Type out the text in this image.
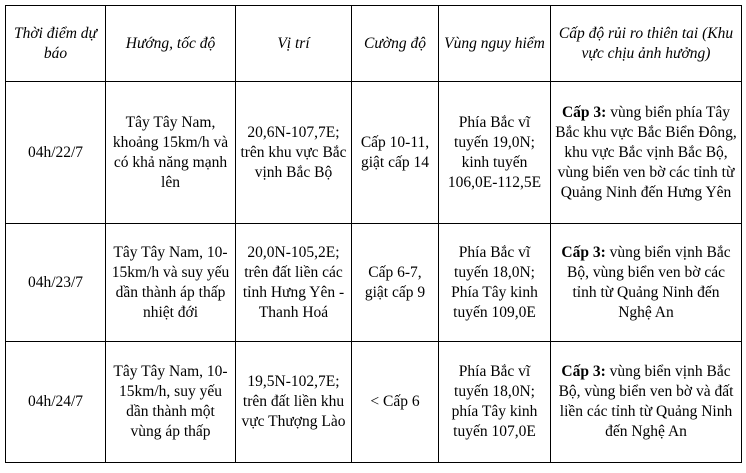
Thời điểm dự báo	Hướng, tốc độ	Vị trí	Cường độ	Vùng nguy hiểm	Cấp độ rủi ro thiên tai (Khu vực chịu ảnh hưởng)
04h/22/7	Tây Tây Nam, khoảng 15km/h và có khả năng mạnh lên	20,6N-107,7E; trên khu vực Bắc vịnh Bắc Bộ	Cấp 10-11, giật cấp 14	Phía Bắc vĩ tuyến 19,0N; kinh tuyến 106,0E-112,5E	Cấp 3: vùng biển phía Tây Bắc khu vực Bắc Biển Đông, khu vực Bắc vịnh Bắc Bộ, vùng biển ven bờ các tỉnh từ Quảng Ninh đến Hưng Yên
04h/23/7	Tây Tây Nam, 10-15km/h và suy yếu dần thành áp thấp nhiệt đới	20,0N-105,2E; trên đất liền các tỉnh Hưng Yên - Thanh Hoá	Cấp 6-7, giật cấp 9	Phía Bắc vĩ tuyến 18,0N; Phía Tây kinh tuyến 109,0E	Cấp 3: vùng biển vịnh Bắc Bộ, vùng biển ven bờ các tỉnh từ Quảng Ninh đến Nghệ An
04h/24/7	Tây Tây Nam, 10-15km/h, suy yếu dần thành một vùng áp thấp	19,5N-102,7E; trên đất liền khu vực Thượng Lào	< Cấp 6	Phía Bắc vĩ tuyến 18,0N; phía Tây kinh tuyến 107,0E	Cấp 3: vùng biển vịnh Bắc Bộ, vùng biển ven bờ và đất liền các tỉnh từ Quảng Ninh đến Nghệ An
